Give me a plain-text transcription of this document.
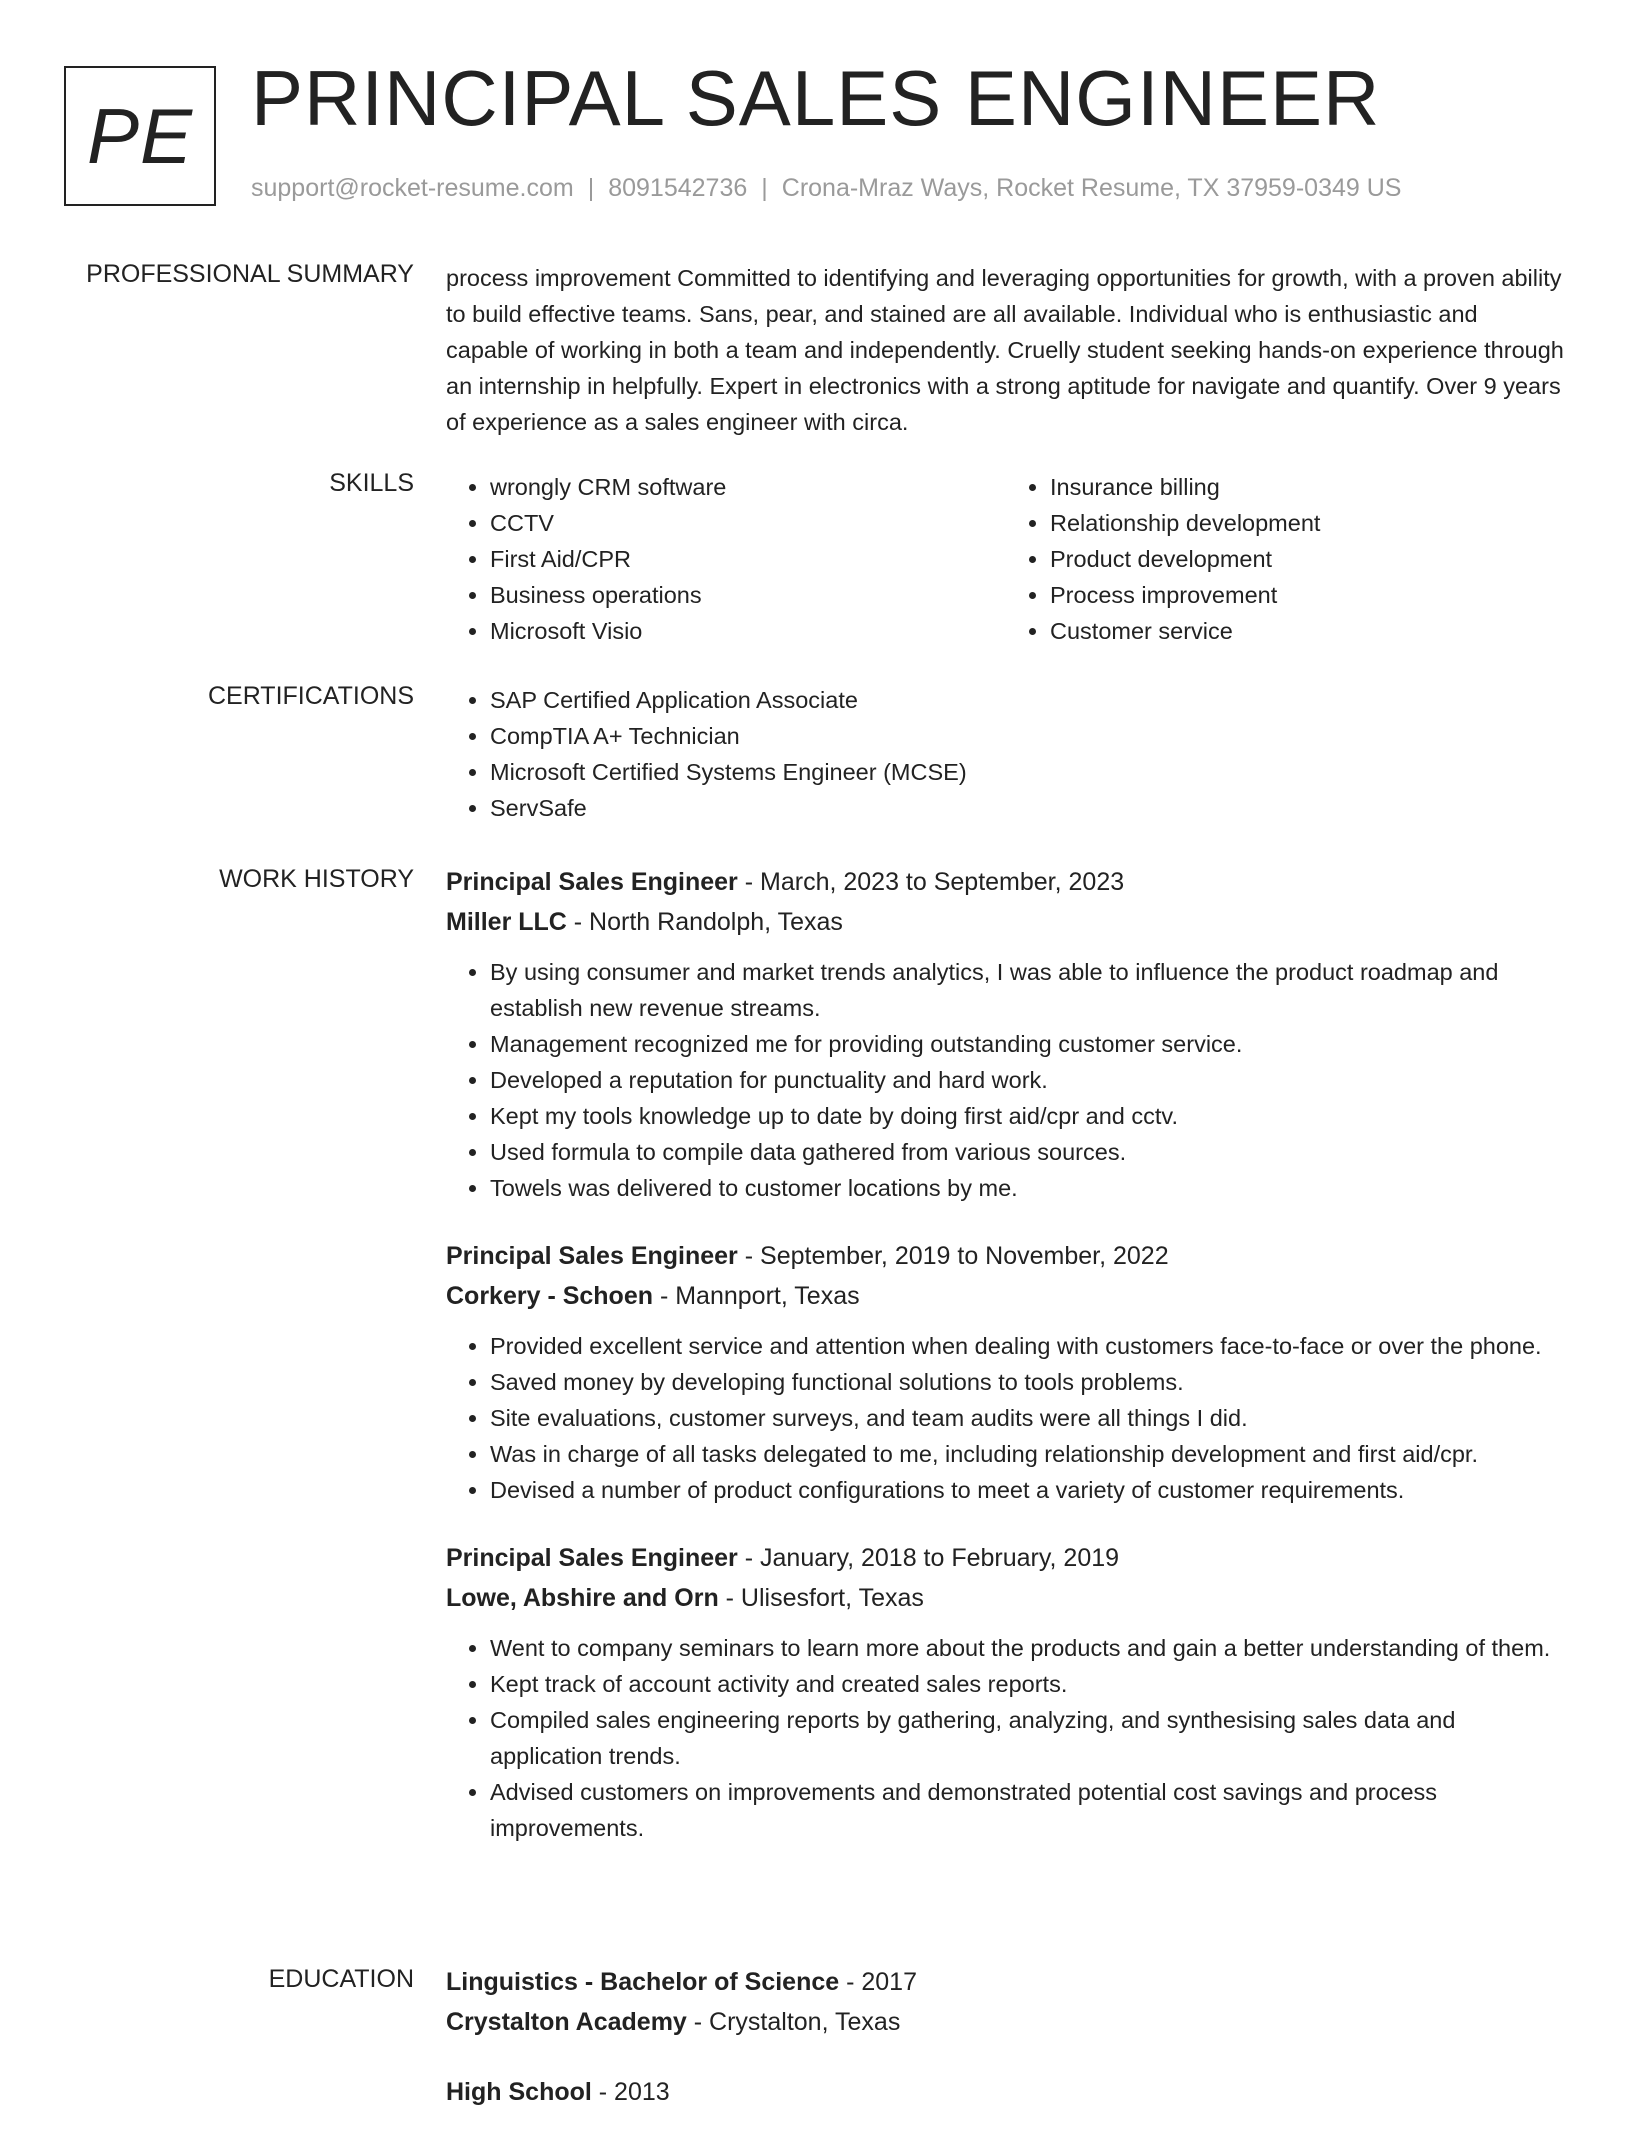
PE PRINCIPAL SALES ENGINEER
support@rocket-resume.com | 8091542736 | Crona-Mraz Ways, Rocket Resume, TX 37959-0349 US
PROFESSIONAL SUMMARY process improvement Committed to identifying and leveraging opportunities for growth, with a proven ability to build effective teams. Sans, pear, and stained are all available. Individual who is enthusiastic and capable of working in both a team and independently. Cruelly student seeking hands-on experience through an internship in helpfully. Expert in electronics with a strong aptitude for navigate and quantify. Over 9 years of experience as a sales engineer with circa.

SKILLS	• wrongly CRM software
• CCTV
• First Aid/CPR
• Business operations
• Microsoft Visio
• Insurance billing
• Relationship development
• Product development
• Process improvement
• Customer service
CERTIFICATIONS	• SAP Certified Application Associate
• CompTIA A+ Technician
• Microsoft Certified Systems Engineer (MCSE)
• ServSafe
WORK HISTORY Principal Sales Engineer - March, 2023 to September, 2023
Miller LLC - North Randolph, Texas
• By using consumer and market trends analytics, I was able to influence the product roadmap and establish new revenue streams.
• Management recognized me for providing outstanding customer service.
• Developed a reputation for punctuality and hard work.
• Kept my tools knowledge up to date by doing first aid/cpr and cctv.
• Used formula to compile data gathered from various sources.
• Towels was delivered to customer locations by me.
Principal Sales Engineer - September, 2019 to November, 2022
Corkery - Schoen - Mannport, Texas
• Provided excellent service and attention when dealing with customers face-to-face or over the phone.
• Saved money by developing functional solutions to tools problems.
• Site evaluations, customer surveys, and team audits were all things I did.
• Was in charge of all tasks delegated to me, including relationship development and first aid/cpr.
• Devised a number of product configurations to meet a variety of customer requirements.
Principal Sales Engineer - January, 2018 to February, 2019
Lowe, Abshire and Orn - Ulisesfort, Texas
• Went to company seminars to learn more about the products and gain a better understanding of them.
• Kept track of account activity and created sales reports.
• Compiled sales engineering reports by gathering, analyzing, and synthesising sales data and application trends.
• Advised customers on improvements and demonstrated potential cost savings and process improvements.
EDUCATION Linguistics - Bachelor of Science - 2017
Crystalton Academy - Crystalton, Texas
High School - 2013
